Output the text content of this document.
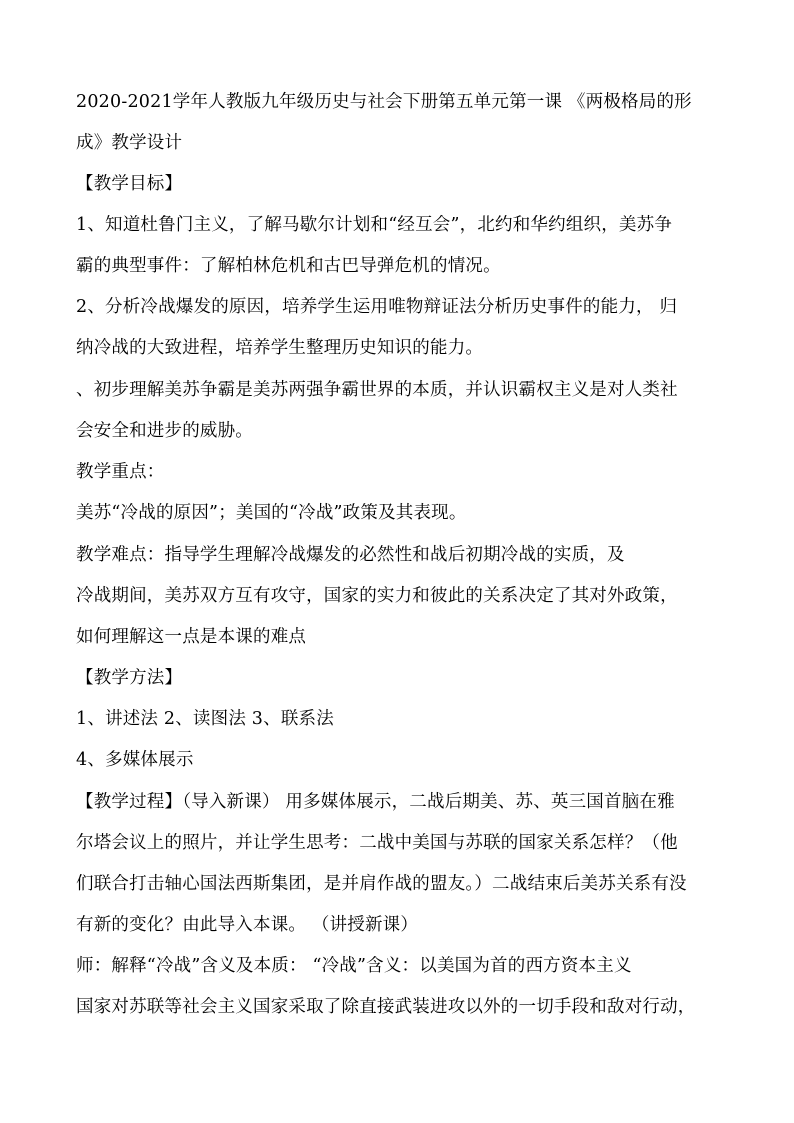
2020-2021学年人教版九年级历史与社会下册第五单元第一课 《两极格局的形
成》教学设计
【教学目标】
1、知道杜鲁门主义，了解马歇尔计划和“经互会”，北约和华约组织，美苏争
霸的典型事件：了解柏林危机和古巴导弹危机的情况。
2、分析冷战爆发的原因，培养学生运用唯物辩证法分析历史事件的能力， 归
纳冷战的大致进程，培养学生整理历史知识的能力。
、初步理解美苏争霸是美苏两强争霸世界的本质，并认识霸权主义是对人类社
会安全和进步的威胁。
教学重点：
美苏“冷战的原因”；美国的“冷战”政策及其表现。
教学难点：指导学生理解冷战爆发的必然性和战后初期冷战的实质，及
冷战期间，美苏双方互有攻守，国家的实力和彼此的关系决定了其对外政策，
如何理解这一点是本课的难点
【教学方法】
1、讲述法 2、读图法 3、联系法
4、多媒体展示
【教学过程】（导入新课） 用多媒体展示，二战后期美、苏、英三国首脑在雅
尔塔会议上的照片，并让学生思考：二战中美国与苏联的国家关系怎样？（他
们联合打击轴心国法西斯集团，是并肩作战的盟友。）二战结束后美苏关系有没
有新的变化？由此导入本课。 （讲授新课）
师：解释“冷战”含义及本质： “冷战”含义：以美国为首的西方资本主义
国家对苏联等社会主义国家采取了除直接武装进攻以外的一切手段和敌对行动，
